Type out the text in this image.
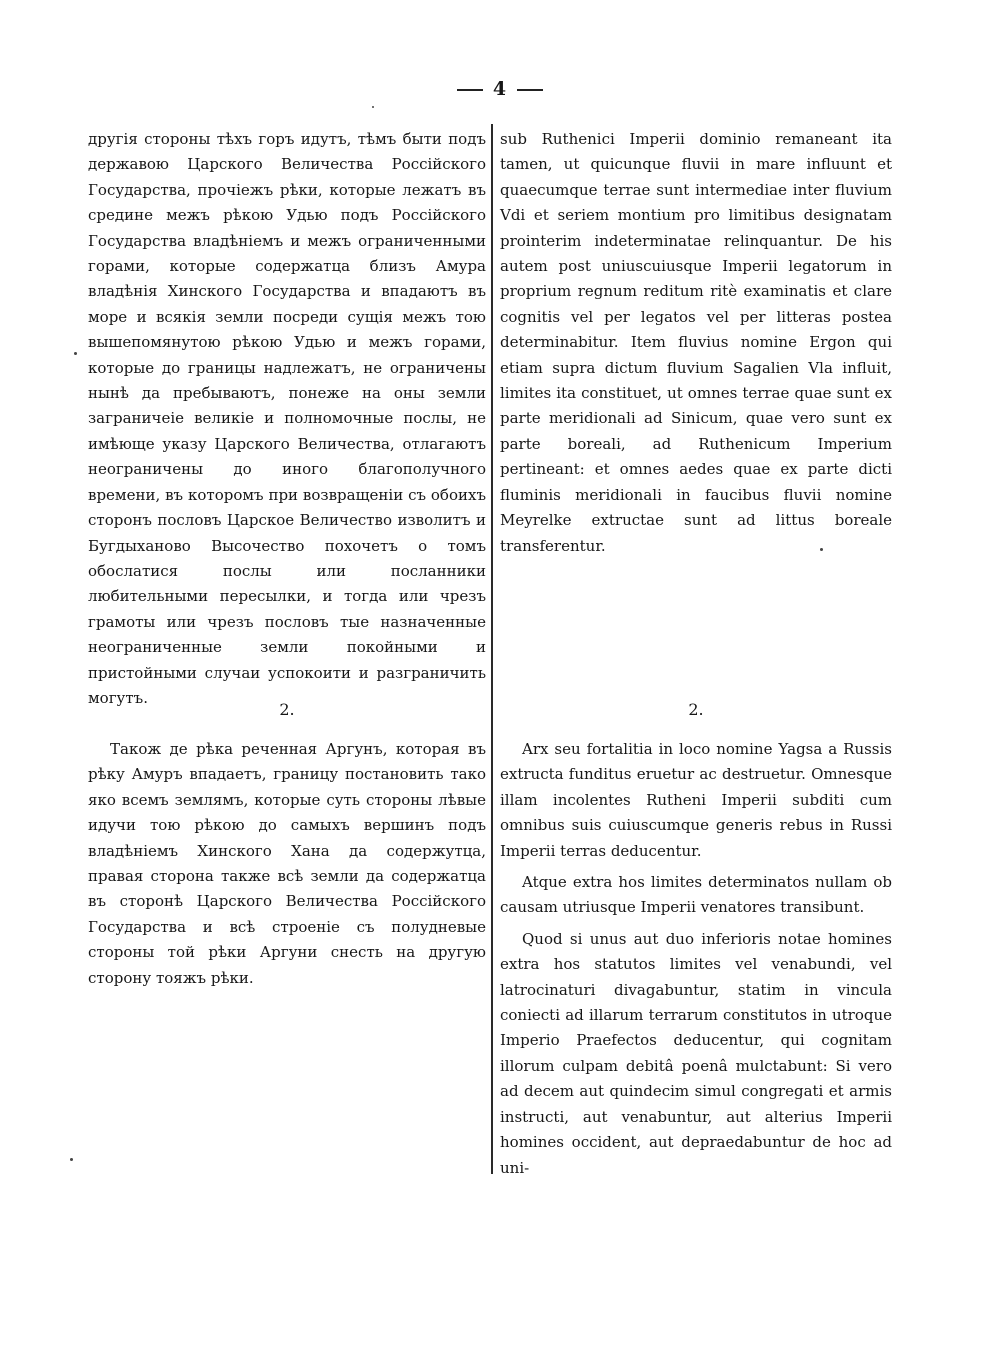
4

другія стороны тѣхъ горъ идутъ, тѣмъ быти подъ державою Царского Величества Россійского Государства, прочіежъ рѣки, которые лежатъ въ средине межъ рѣкою Удью подъ Россійского Государства владѣніемъ и межъ ограниченными горами, которые содержатца близъ Амура владѣнія Хинского Государства и впадаютъ въ море и всякія земли посреди сущія межъ тою вышепомянутою рѣкою Удью и межъ горами, которые до границы надлежатъ, не ограничены нынѣ да пребываютъ, понеже на оны земли заграничеіе великіе и полномочные послы, не имѣюще указу Царского Величества, отлагаютъ неограничены до иного благополучного времени, въ которомъ при возвращеніи съ обоихъ сторонъ пословъ Царское Величество изволитъ и Бугдыханово Высочество похочетъ о томъ обослатися послы или посланники любительными пересылки, и тогда или чрезъ грамоты или чрезъ пословъ тые назначенные неограниченные земли покойными и пристойными случаи успокоити и разграничить могутъ.

sub Ruthenici Imperii dominio remaneant ita tamen, ut quicunque fluvii in mare influunt et quaecumque terrae sunt intermediae inter fluvium Vdi et seriem montium pro limitibus designatam prointerim indeterminatae relinquantur. De his autem post uniuscuiusque Imperii legatorum in proprium regnum reditum ritè examinatis et clare cognitis vel per legatos vel per litteras postea determinabitur. Item fluvius nomine Ergon qui etiam supra dictum fluvium Sagalien Vla influit, limites ita constituet, ut omnes terrae quae sunt ex parte meridionali ad Sinicum, quae vero sunt ex parte boreali, ad Ruthenicum Imperium pertineant: et omnes aedes quae ex parte dicti fluminis meridionali in faucibus fluvii nomine Meyrelke extructae sunt ad littus boreale transferentur.

2.	2.

Також де рѣка реченная Аргунъ, которая въ рѣку Амуръ впадаетъ, границу постановить тако яко всемъ землямъ, которые суть стороны лѣвые идучи тою рѣкою до самыхъ вершинъ подъ владѣніемъ Хинского Хана да содержутца, правая сторона также всѣ земли да содержатца въ сторонѣ Царского Величества Россійского Государства и всѣ строеніе съ полудневые стороны той рѣки Аргуни снесть на другую сторону тояжъ рѣки.

Arx seu fortalitia in loco nomine Yagsa a Russis extructa funditus eruetur ac destruetur. Omnesque illam incolentes Rutheni Imperii subditi cum omnibus suis cuiuscumque generis rebus in Russi Imperii terras deducentur.

Atque extra hos limites determinatos nullam ob causam utriusque Imperii venatores transibunt.

Quod si unus aut duo inferioris notae homines extra hos statutos limites vel venabundi, vel latrocinaturi divagabuntur, statim in vincula coniecti ad illarum terrarum constitutos in utroque Imperio Praefectos deducentur, qui cognitam illorum culpam debitâ poenâ mulctabunt: Si vero ad decem aut quindecim simul congregati et armis instructi, aut venabuntur, aut alterius Imperii homines occident, aut depraedabuntur de hoc ad uni-
